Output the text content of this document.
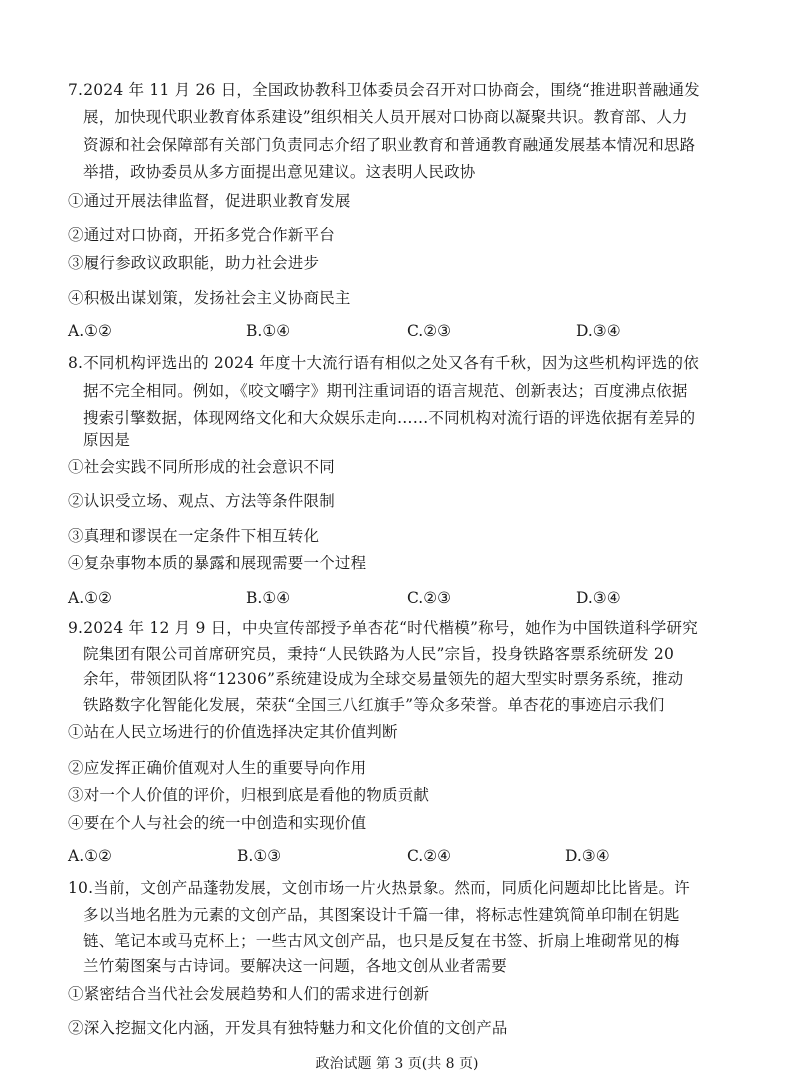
7.2024 年 11 月 26 日，全国政协教科卫体委员会召开对口协商会，围绕“推进职普融通发
展，加快现代职业教育体系建设”组织相关人员开展对口协商以凝聚共识。教育部、人力
资源和社会保障部有关部门负责同志介绍了职业教育和普通教育融通发展基本情况和思路
举措，政协委员从多方面提出意见建议。这表明人民政协
①通过开展法律监督，促进职业教育发展
②通过对口协商，开拓多党合作新平台
③履行参政议政职能，助力社会进步
④积极出谋划策，发扬社会主义协商民主
A.①②	B.①④	C.②③	D.③④
8.不同机构评选出的 2024 年度十大流行语有相似之处又各有千秋，因为这些机构评选的依
据不完全相同。例如，《咬文嚼字》期刊注重词语的语言规范、创新表达；百度沸点依据
搜索引擎数据，体现网络文化和大众娱乐走向……不同机构对流行语的评选依据有差异的
原因是
①社会实践不同所形成的社会意识不同
②认识受立场、观点、方法等条件限制
③真理和谬误在一定条件下相互转化
④复杂事物本质的暴露和展现需要一个过程
A.①②	B.①④	C.②③	D.③④
9.2024 年 12 月 9 日，中央宣传部授予单杏花“时代楷模”称号，她作为中国铁道科学研究
院集团有限公司首席研究员，秉持“人民铁路为人民”宗旨，投身铁路客票系统研发 20
余年，带领团队将“12306”系统建设成为全球交易量领先的超大型实时票务系统，推动
铁路数字化智能化发展，荣获“全国三八红旗手”等众多荣誉。单杏花的事迹启示我们
①站在人民立场进行的价值选择决定其价值判断
②应发挥正确价值观对人生的重要导向作用
③对一个人价值的评价，归根到底是看他的物质贡献
④要在个人与社会的统一中创造和实现价值
A.①②	B.①③	C.②④	D.③④
10.当前，文创产品蓬勃发展，文创市场一片火热景象。然而，同质化问题却比比皆是。许
多以当地名胜为元素的文创产品，其图案设计千篇一律，将标志性建筑简单印制在钥匙
链、笔记本或马克杯上；一些古风文创产品，也只是反复在书签、折扇上堆砌常见的梅
兰竹菊图案与古诗词。要解决这一问题，各地文创从业者需要
①紧密结合当代社会发展趋势和人们的需求进行创新
②深入挖掘文化内涵，开发具有独特魅力和文化价值的文创产品
政治试题 第 3 页(共 8 页)
